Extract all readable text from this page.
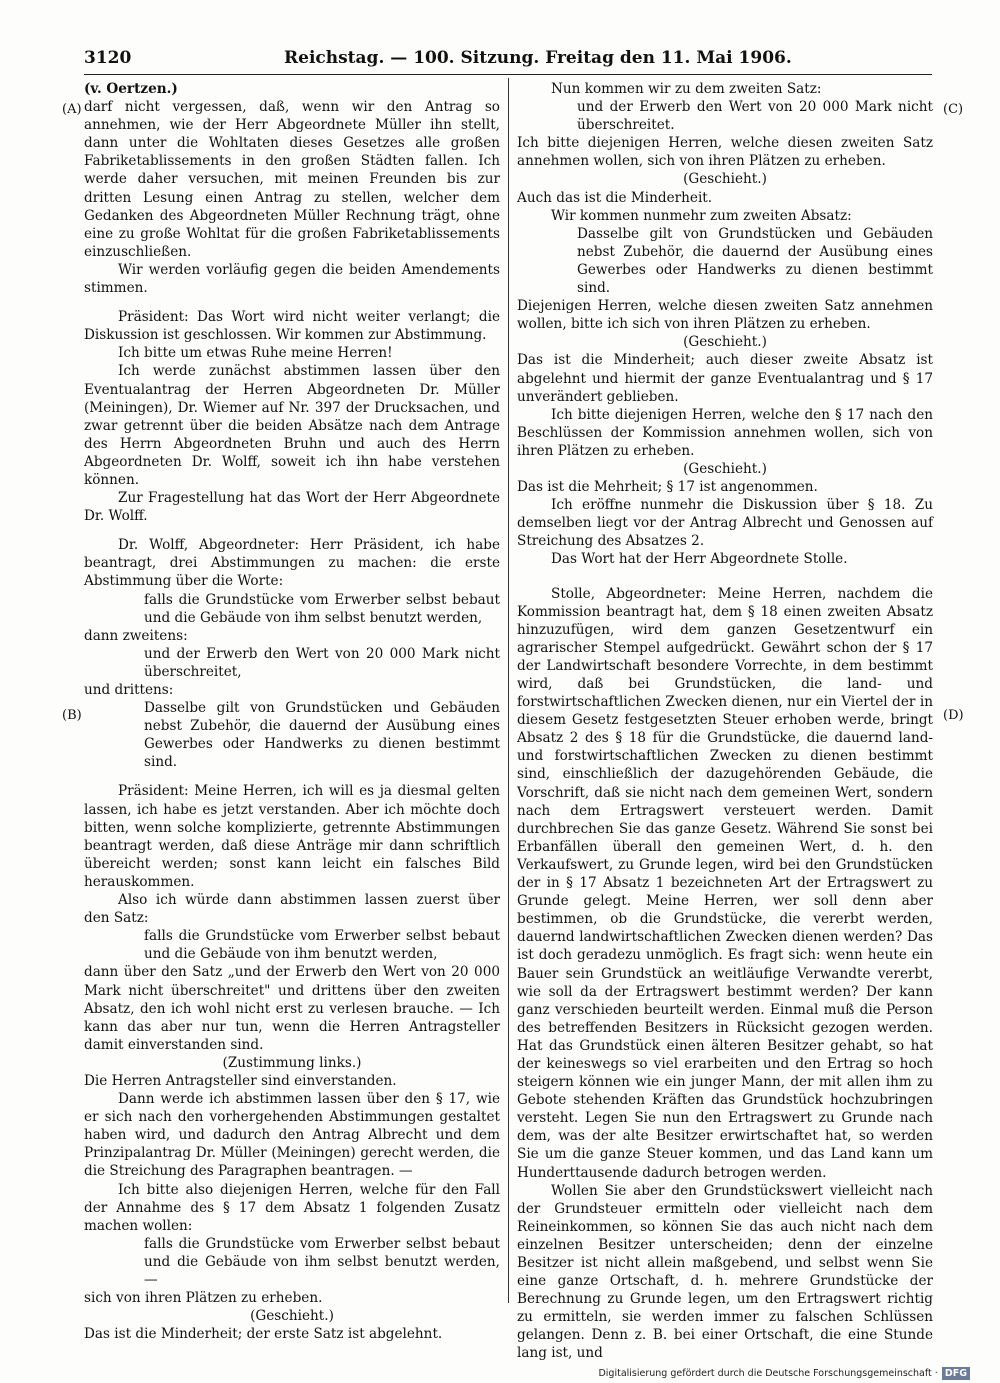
3120	Reichstag. — 100. Sitzung. Freitag den 11. Mai 1906.
(A)
(B)
(C)
(D)

(v. Oertzen.)

darf nicht vergessen, daß, wenn wir den Antrag so annehmen, wie der Herr Abgeordnete Müller ihn stellt, dann unter die Wohltaten dieses Gesetzes alle großen Fabriketablissements in den großen Städten fallen. Ich werde daher versuchen, mit meinen Freunden bis zur dritten Lesung einen Antrag zu stellen, welcher dem Gedanken des Abgeordneten Müller Rechnung trägt, ohne eine zu große Wohltat für die großen Fabriketablissements einzuschließen.

Wir werden vorläufig gegen die beiden Amendements stimmen.

Präsident: Das Wort wird nicht weiter verlangt; die Diskussion ist geschlossen. Wir kommen zur Abstimmung.

Ich bitte um etwas Ruhe meine Herren!

Ich werde zunächst abstimmen lassen über den Eventualantrag der Herren Abgeordneten Dr. Müller (Meiningen), Dr. Wiemer auf Nr. 397 der Drucksachen, und zwar getrennt über die beiden Absätze nach dem Antrage des Herrn Abgeordneten Bruhn und auch des Herrn Abgeordneten Dr. Wolff, soweit ich ihn habe verstehen können.

Zur Fragestellung hat das Wort der Herr Abgeordnete Dr. Wolff.

Dr. Wolff, Abgeordneter: Herr Präsident, ich habe beantragt, drei Abstimmungen zu machen: die erste Abstimmung über die Worte:

falls die Grundstücke vom Erwerber selbst bebaut und die Gebäude von ihm selbst benutzt werden,

dann zweitens:

und der Erwerb den Wert von 20 000 Mark nicht überschreitet,

und drittens:

Dasselbe gilt von Grundstücken und Gebäuden nebst Zubehör, die dauernd der Ausübung eines Gewerbes oder Handwerks zu dienen bestimmt sind.

Präsident: Meine Herren, ich will es ja diesmal gelten lassen, ich habe es jetzt verstanden. Aber ich möchte doch bitten, wenn solche komplizierte, getrennte Abstimmungen beantragt werden, daß diese Anträge mir dann schriftlich übereicht werden; sonst kann leicht ein falsches Bild herauskommen.

Also ich würde dann abstimmen lassen zuerst über den Satz:

falls die Grundstücke vom Erwerber selbst bebaut und die Gebäude von ihm benutzt werden,

dann über den Satz „und der Erwerb den Wert von 20 000 Mark nicht überschreitet" und drittens über den zweiten Absatz, den ich wohl nicht erst zu verlesen brauche. — Ich kann das aber nur tun, wenn die Herren Antragsteller damit einverstanden sind.

(Zustimmung links.)

Die Herren Antragsteller sind einverstanden.

Dann werde ich abstimmen lassen über den § 17, wie er sich nach den vorhergehenden Abstimmungen gestaltet haben wird, und dadurch den Antrag Albrecht und dem Prinzipalantrag Dr. Müller (Meiningen) gerecht werden, die die Streichung des Paragraphen beantragen. —

Ich bitte also diejenigen Herren, welche für den Fall der Annahme des § 17 dem Absatz 1 folgenden Zusatz machen wollen:

falls die Grundstücke vom Erwerber selbst bebaut und die Gebäude von ihm selbst benutzt werden, —

sich von ihren Plätzen zu erheben.

(Geschieht.)

Das ist die Minderheit; der erste Satz ist abgelehnt.

Nun kommen wir zu dem zweiten Satz:

und der Erwerb den Wert von 20 000 Mark nicht überschreitet.

Ich bitte diejenigen Herren, welche diesen zweiten Satz annehmen wollen, sich von ihren Plätzen zu erheben.

(Geschieht.)

Auch das ist die Minderheit.

Wir kommen nunmehr zum zweiten Absatz:

Dasselbe gilt von Grundstücken und Gebäuden nebst Zubehör, die dauernd der Ausübung eines Gewerbes oder Handwerks zu dienen bestimmt sind.

Diejenigen Herren, welche diesen zweiten Satz annehmen wollen, bitte ich sich von ihren Plätzen zu erheben.

(Geschieht.)

Das ist die Minderheit; auch dieser zweite Absatz ist abgelehnt und hiermit der ganze Eventualantrag und § 17 unverändert geblieben.

Ich bitte diejenigen Herren, welche den § 17 nach den Beschlüssen der Kommission annehmen wollen, sich von ihren Plätzen zu erheben.

(Geschieht.)

Das ist die Mehrheit; § 17 ist angenommen.

Ich eröffne nunmehr die Diskussion über § 18. Zu demselben liegt vor der Antrag Albrecht und Genossen auf Streichung des Absatzes 2.

Das Wort hat der Herr Abgeordnete Stolle.

Stolle, Abgeordneter: Meine Herren, nachdem die Kommission beantragt hat, dem § 18 einen zweiten Absatz hinzuzufügen, wird dem ganzen Gesetzentwurf ein agrarischer Stempel aufgedrückt. Gewährt schon der § 17 der Landwirtschaft besondere Vorrechte, in dem bestimmt wird, daß bei Grundstücken, die land- und forstwirtschaftlichen Zwecken dienen, nur ein Viertel der in diesem Gesetz festgesetzten Steuer erhoben werde, bringt Absatz 2 des § 18 für die Grundstücke, die dauernd land- und forstwirtschaftlichen Zwecken zu dienen bestimmt sind, einschließlich der dazugehörenden Gebäude, die Vorschrift, daß sie nicht nach dem gemeinen Wert, sondern nach dem Ertragswert versteuert werden. Damit durchbrechen Sie das ganze Gesetz. Während Sie sonst bei Erbanfällen überall den gemeinen Wert, d. h. den Verkaufswert, zu Grunde legen, wird bei den Grundstücken der in § 17 Absatz 1 bezeichneten Art der Ertragswert zu Grunde gelegt. Meine Herren, wer soll denn aber bestimmen, ob die Grundstücke, die vererbt werden, dauernd landwirtschaftlichen Zwecken dienen werden? Das ist doch geradezu unmöglich. Es fragt sich: wenn heute ein Bauer sein Grundstück an weitläufige Verwandte vererbt, wie soll da der Ertragswert bestimmt werden? Der kann ganz verschieden beurteilt werden. Einmal muß die Person des betreffenden Besitzers in Rücksicht gezogen werden. Hat das Grundstück einen älteren Besitzer gehabt, so hat der keineswegs so viel erarbeiten und den Ertrag so hoch steigern können wie ein junger Mann, der mit allen ihm zu Gebote stehenden Kräften das Grundstück hochzubringen versteht. Legen Sie nun den Ertragswert zu Grunde nach dem, was der alte Besitzer erwirtschaftet hat, so werden Sie um die ganze Steuer kommen, und das Land kann um Hunderttausende dadurch betrogen werden.

Wollen Sie aber den Grundstückswert vielleicht nach der Grundsteuer ermitteln oder vielleicht nach dem Reineinkommen, so können Sie das auch nicht nach dem einzelnen Besitzer unterscheiden; denn der einzelne Besitzer ist nicht allein maßgebend, und selbst wenn Sie eine ganze Ortschaft, d. h. mehrere Grundstücke der Berechnung zu Grunde legen, um den Ertragswert richtig zu ermitteln, sie werden immer zu falschen Schlüssen gelangen. Denn z. B. bei einer Ortschaft, die eine Stunde lang ist, und

Digitalisierung gefördert durch die Deutsche Forschungsgemeinschaft · DFG
